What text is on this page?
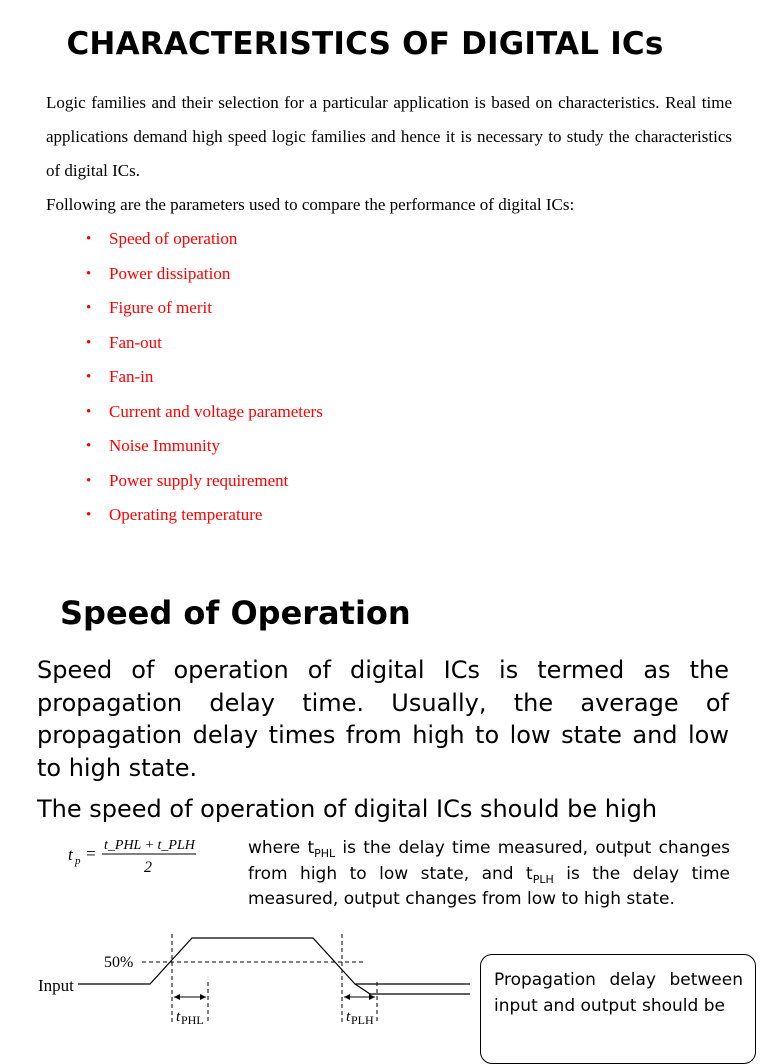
CHARACTERISTICS OF DIGITAL ICs

Logic families and their selection for a particular application is based on characteristics. Real time applications demand high speed logic families and hence it is necessary to study the characteristics of digital ICs.

Following are the parameters used to compare the performance of digital ICs:

• Speed of operation
• Power dissipation
• Figure of merit
• Fan-out
• Fan-in
• Current and voltage parameters
• Noise Immunity
• Power supply requirement
• Operating temperature
Speed of Operation
Speed of operation of digital ICs is termed as the propagation delay time. Usually, the average of propagation delay times from high to low state and low to high state.
The speed of operation of digital ICs should be high
t p = t_PHL + t_PLH
2
where $t_{PHL}$ is the delay time measured, output changes from high to low state, and $t_{PLH}$ is the delay time measured, output changes from low to high state.
Input
50%
t PHL	t PLH
Propagation delay between input and output should be
